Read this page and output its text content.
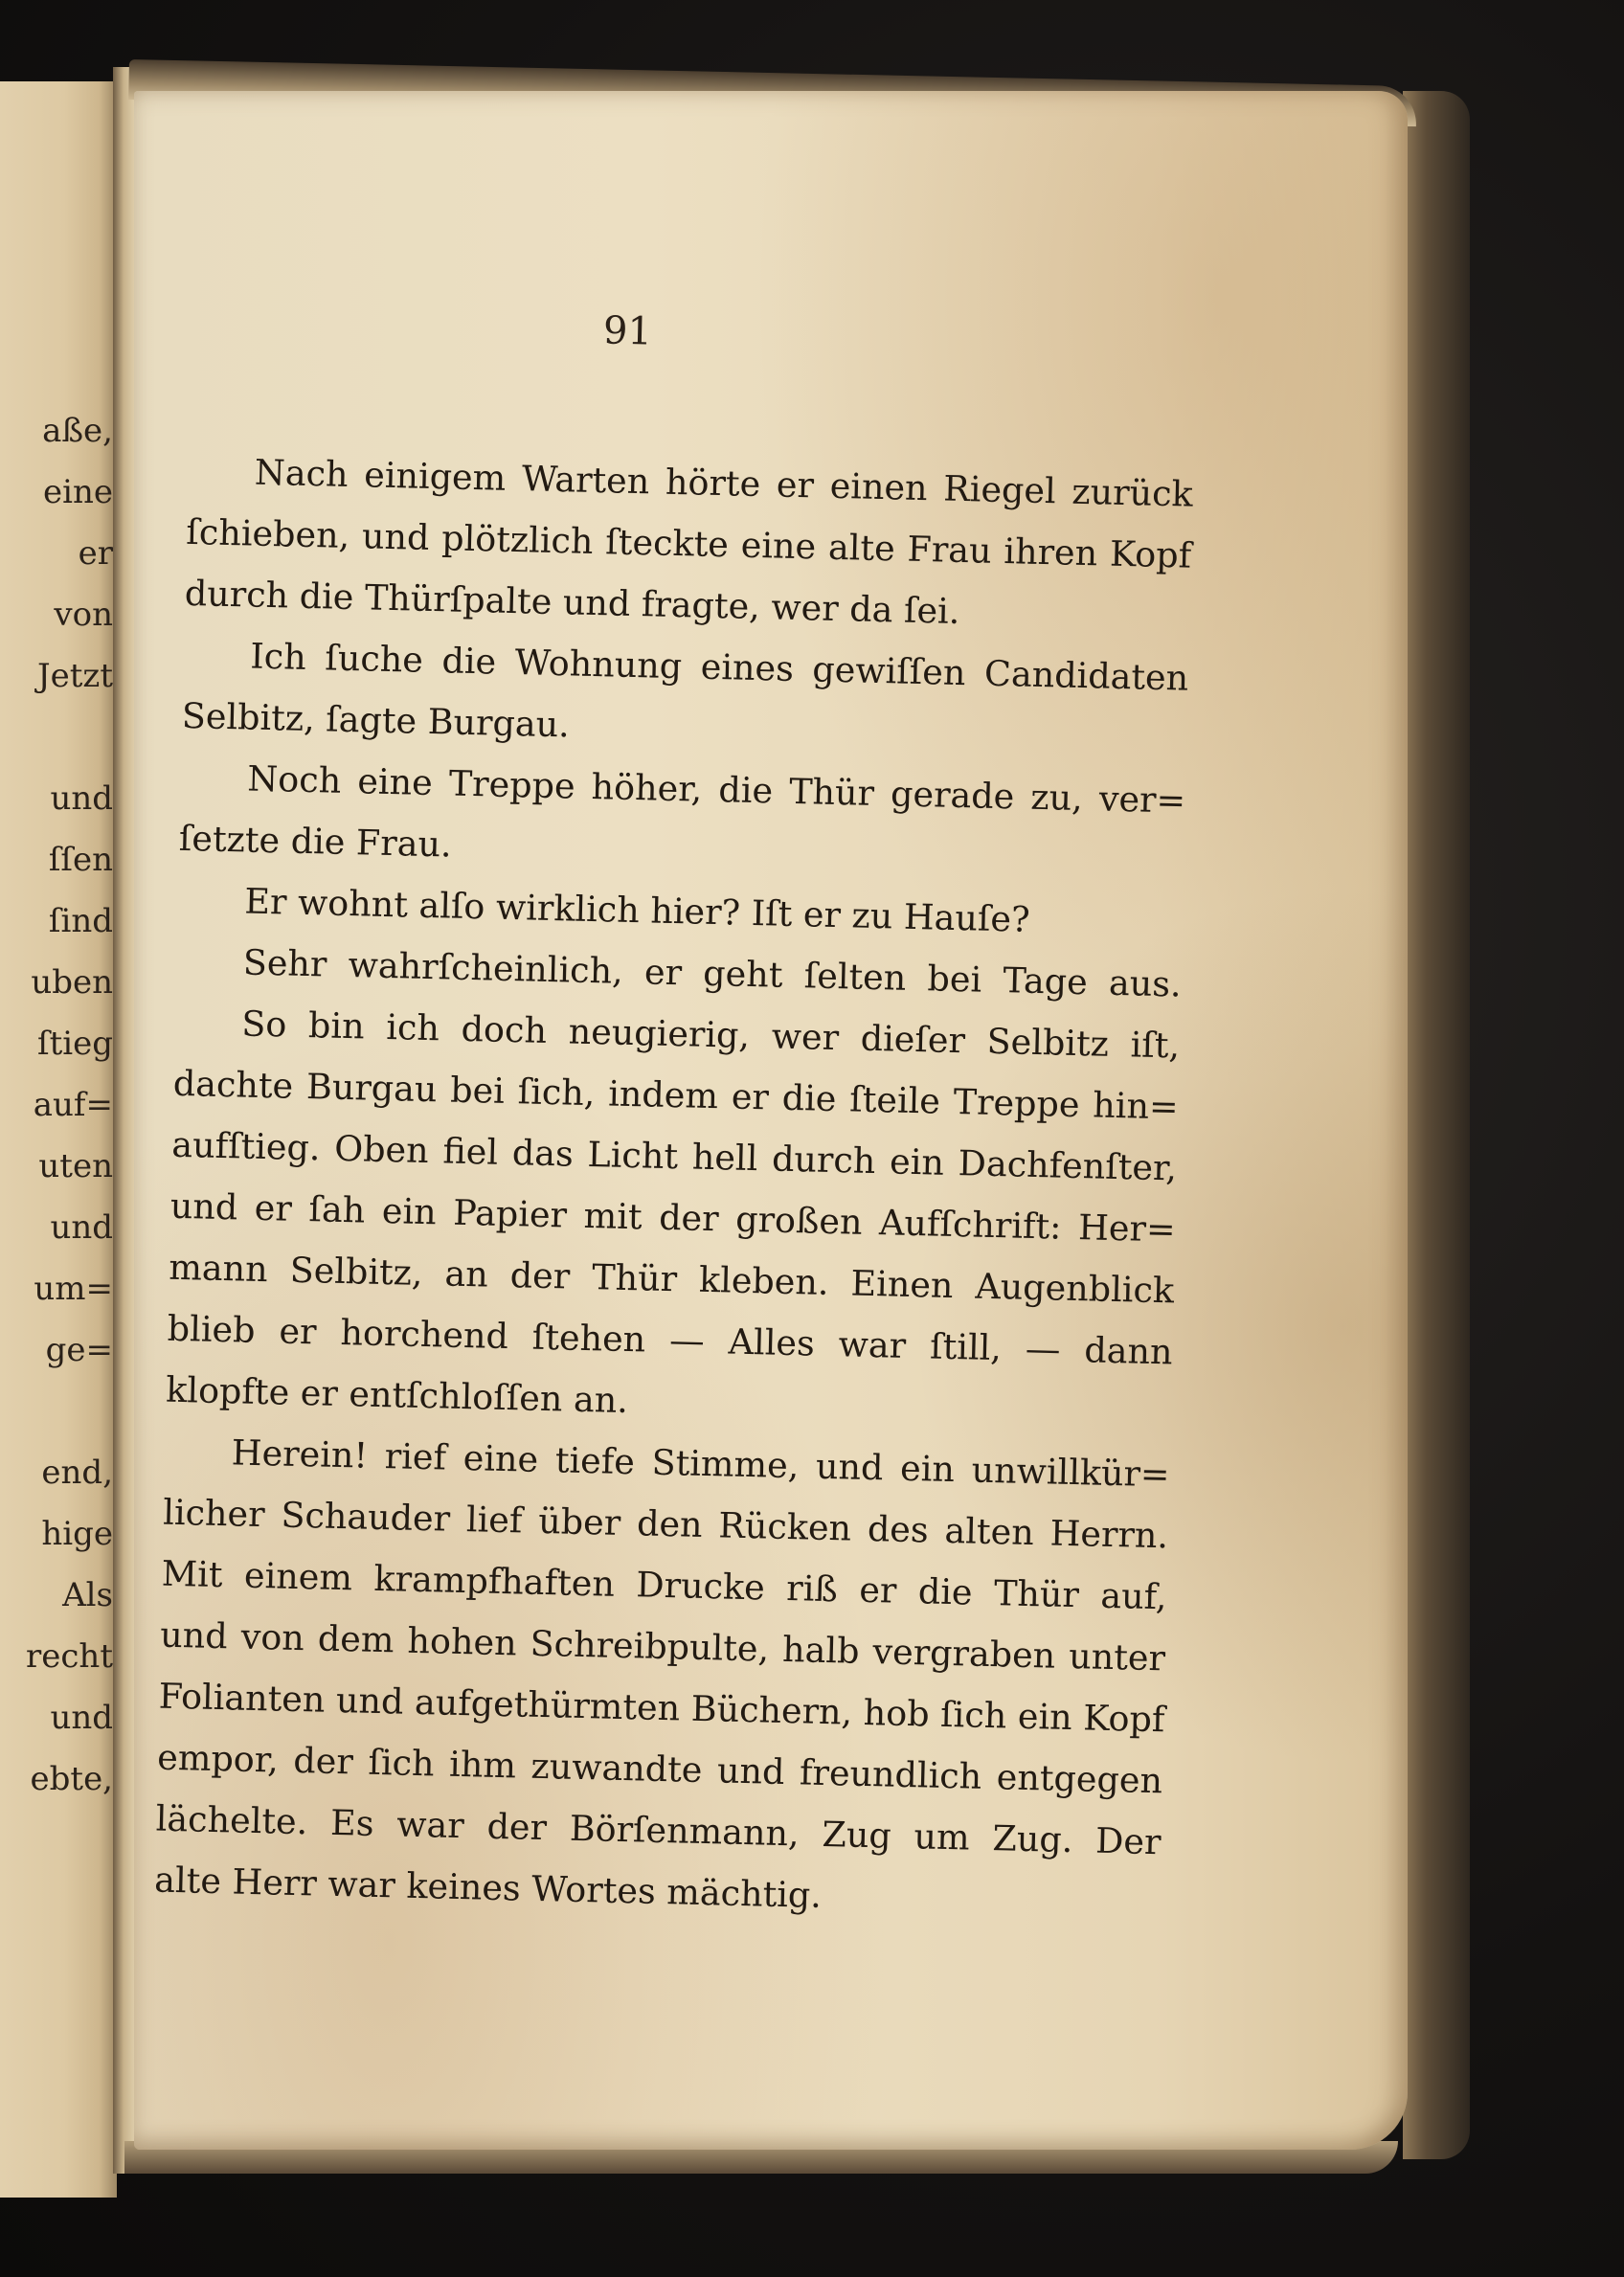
aße,
eine
er
von
Jetzt
und
ſſen
ſind
uben
ſtieg
auf=
uten
und
um=
ge=
end,
hige
Als
recht
und
ebte,
91
Nach einigem Warten hörte er einen Riegel zurück
ſchieben, und plötzlich ſteckte eine alte Frau ihren Kopf
durch die Thürſpalte und fragte, wer da ſei.
Ich ſuche die Wohnung eines gewiſſen Candidaten
Selbitz, ſagte Burgau.
Noch eine Treppe höher, die Thür gerade zu, ver=
ſetzte die Frau.
Er wohnt alſo wirklich hier? Iſt er zu Hauſe?
Sehr wahrſcheinlich, er geht ſelten bei Tage aus.
So bin ich doch neugierig, wer dieſer Selbitz iſt,
dachte Burgau bei ſich, indem er die ſteile Treppe hin=
aufſtieg. Oben fiel das Licht hell durch ein Dachfenſter,
und er ſah ein Papier mit der großen Aufſchrift: Her=
mann Selbitz, an der Thür kleben. Einen Augenblick
blieb er horchend ſtehen — Alles war ſtill, — dann
klopfte er entſchloſſen an.
Herein! rief eine tiefe Stimme, und ein unwillkür=
licher Schauder lief über den Rücken des alten Herrn.
Mit einem krampfhaften Drucke riß er die Thür auf,
und von dem hohen Schreibpulte, halb vergraben unter
Folianten und aufgethürmten Büchern, hob ſich ein Kopf
empor, der ſich ihm zuwandte und freundlich entgegen
lächelte. Es war der Börſenmann, Zug um Zug. Der
alte Herr war keines Wortes mächtig.
